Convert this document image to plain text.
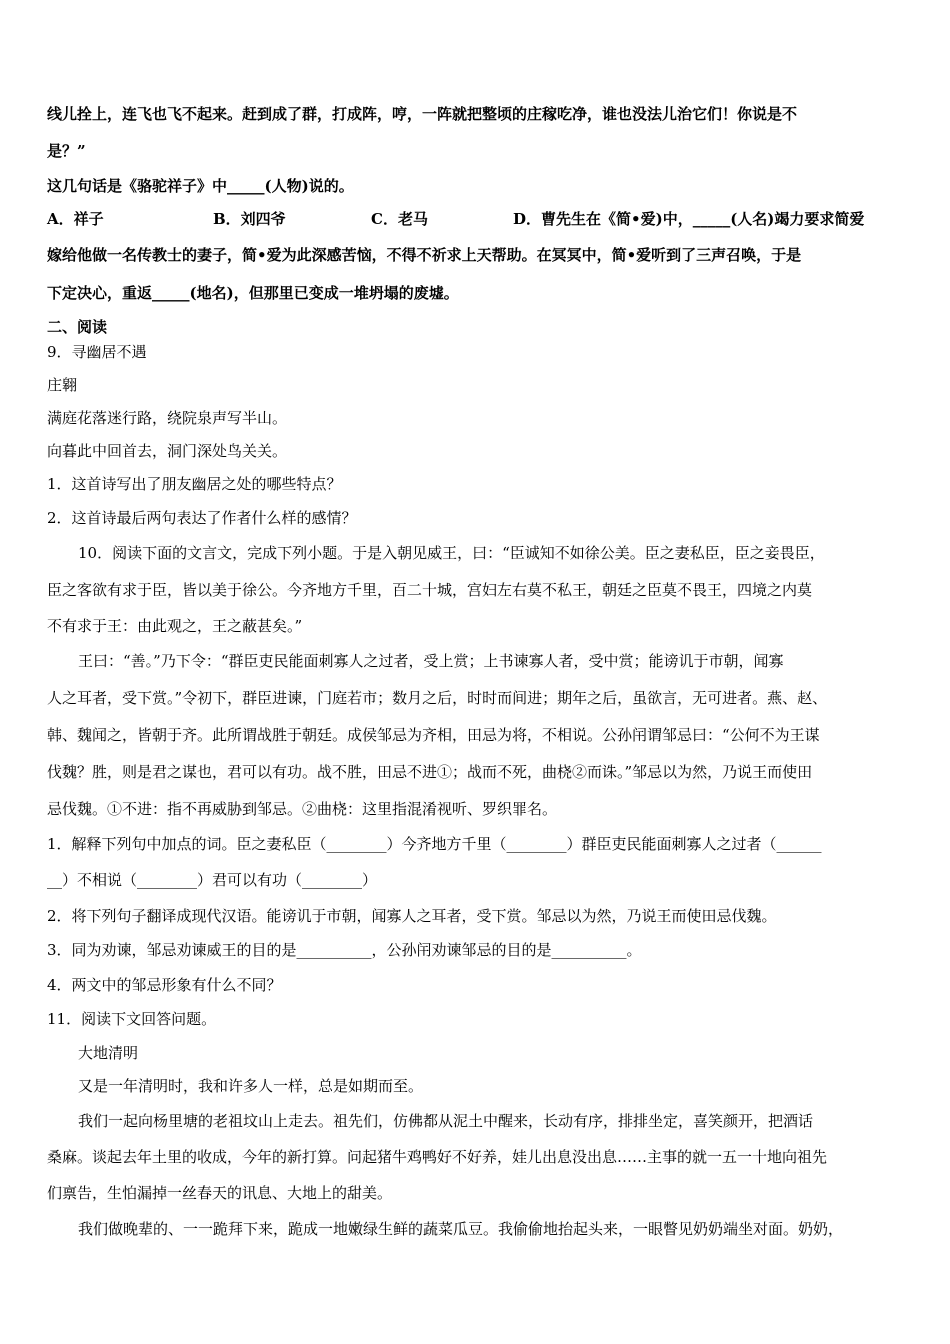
线儿拴上，连飞也飞不起来。赶到成了群，打成阵，哼，一阵就把整顷的庄稼吃净，谁也没法儿治它们！你说是不
是？”
这几句话是《骆驼祥子》中_____(人物)说的。
A．祥子	B．刘四爷	C．老马	D．曹先生在《简•爱)中，_____(人名)竭力要求简爱
嫁给他做一名传教士的妻子，简•爱为此深感苦恼，不得不祈求上天帮助。在冥冥中，简•爱听到了三声召唤，于是
下定决心，重返_____(地名)，但那里已变成一堆坍塌的废墟。
二、阅读
9．寻幽居不遇
庄翱
满庭花落迷行路，绕院泉声写半山。
向暮此中回首去，洞门深处鸟关关。
1．这首诗写出了朋友幽居之处的哪些特点？
2．这首诗最后两句表达了作者什么样的感情？
10．阅读下面的文言文，完成下列小题。于是入朝见威王，曰：“臣诚知不如徐公美。臣之妻私臣，臣之妾畏臣，
臣之客欲有求于臣，皆以美于徐公。今齐地方千里，百二十城，宫妇左右莫不私王，朝廷之臣莫不畏王，四境之内莫
不有求于王：由此观之，王之蔽甚矣。”
王曰：“善。”乃下令：“群臣吏民能面刺寡人之过者，受上赏；上书谏寡人者，受中赏；能谤讥于市朝，闻寡
人之耳者，受下赏。”令初下，群臣进谏，门庭若市；数月之后，时时而间进；期年之后，虽欲言，无可进者。燕、赵、
韩、魏闻之，皆朝于齐。此所谓战胜于朝廷。成侯邹忌为齐相，田忌为将，不相说。公孙闬谓邹忌曰：“公何不为王谋
伐魏？胜，则是君之谋也，君可以有功。战不胜，田忌不进①；战而不死，曲桡②而诛。”邹忌以为然，乃说王而使田
忌伐魏。①不进：指不再威胁到邹忌。②曲桡：这里指混淆视听、罗织罪名。
1．解释下列句中加点的词。臣之妻私臣（________）今齐地方千里（________）群臣吏民能面刺寡人之过者（______
__）不相说（________）君可以有功（________）
2．将下列句子翻译成现代汉语。能谤讥于市朝，闻寡人之耳者，受下赏。邹忌以为然，乃说王而使田忌伐魏。
3．同为劝谏，邹忌劝谏威王的目的是__________，公孙闬劝谏邹忌的目的是__________。
4．两文中的邹忌形象有什么不同？
11．阅读下文回答问题。
大地清明
又是一年清明时，我和许多人一样，总是如期而至。
我们一起向杨里塘的老祖坟山上走去。祖先们，仿佛都从泥土中醒来，长动有序，排排坐定，喜笑颜开，把酒话
桑麻。谈起去年土里的收成，今年的新打算。问起猪牛鸡鸭好不好养，娃儿出息没出息……主事的就一五一十地向祖先
们禀告，生怕漏掉一丝春天的讯息、大地上的甜美。
我们做晚辈的、一一跪拜下来，跪成一地嫩绿生鲜的蔬菜瓜豆。我偷偷地抬起头来，一眼瞥见奶奶端坐对面。奶奶，
